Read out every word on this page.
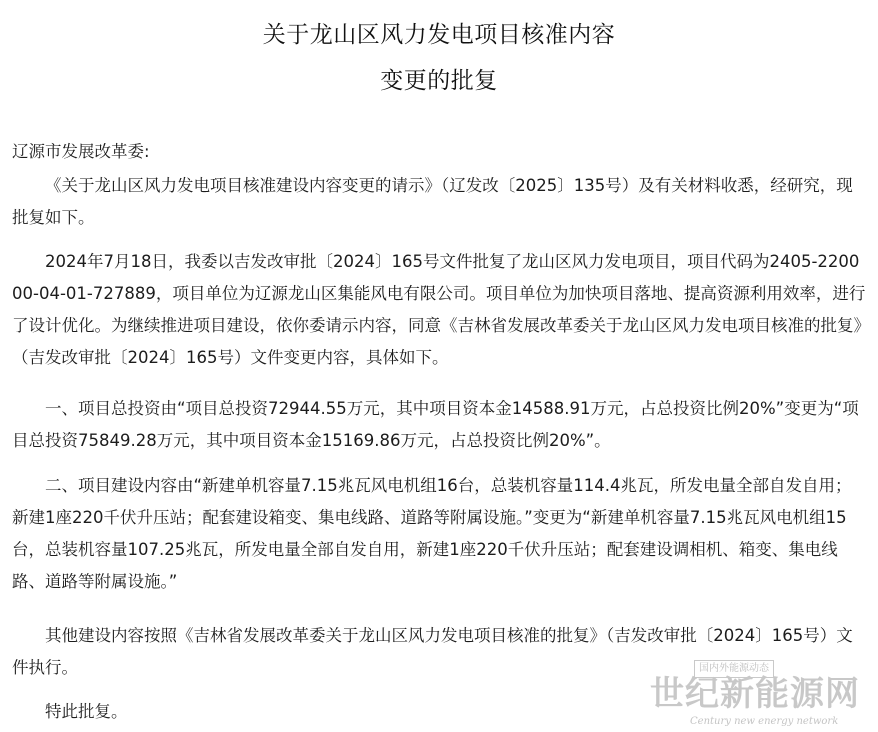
关于龙山区风力发电项目核准内容
变更的批复
辽源市发展改革委:

《关于龙山区风力发电项目核准建设内容变更的请示》（辽发改〔2025〕135号）及有关材料收悉，经研究，现批复如下。

2024年7月18日，我委以吉发改审批〔2024〕165号文件批复了龙山区风力发电项目，项目代码为2405-220000-04-01-727889，项目单位为辽源龙山区集能风电有限公司。项目单位为加快项目落地、提高资源利用效率，进行了设计优化。为继续推进项目建设，依你委请示内容，同意《吉林省发展改革委关于龙山区风力发电项目核准的批复》（吉发改审批〔2024〕165号）文件变更内容，具体如下。

一、项目总投资由“项目总投资72944.55万元，其中项目资本金14588.91万元，占总投资比例20%”变更为“项目总投资75849.28万元，其中项目资本金15169.86万元，占总投资比例20%”。

二、项目建设内容由“新建单机容量7.15兆瓦风电机组16台，总装机容量114.4兆瓦，所发电量全部自发自用；新建1座220千伏升压站；配套建设箱变、集电线路、道路等附属设施。”变更为“新建单机容量7.15兆瓦风电机组15台，总装机容量107.25兆瓦，所发电量全部自发自用，新建1座220千伏升压站；配套建设调相机、箱变、集电线路、道路等附属设施。”

其他建设内容按照《吉林省发展改革委关于龙山区风力发电项目核准的批复》（吉发改审批〔2024〕165号）文件执行。

特此批复。

国内外能源动态
世纪新能源网
Century new energy network
